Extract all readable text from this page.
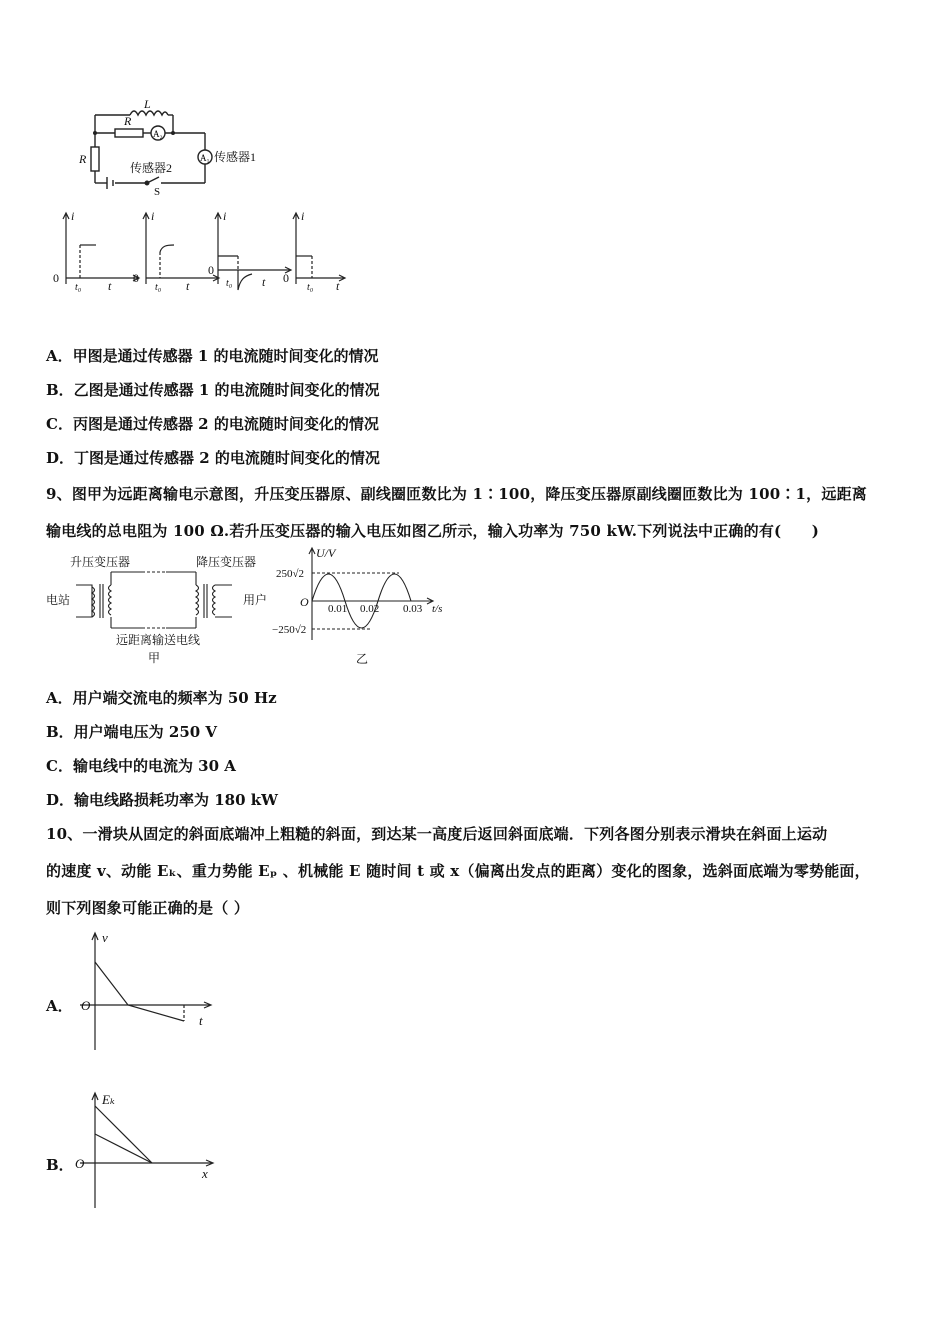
L
R
R
A₂
A₁
传感器2
传感器1
S
i
0
t₀ t
i
0
t₀ t
i
0
t₀ t
i
0
t₀ t
A．甲图是通过传感器 1 的电流随时间变化的情况
B．乙图是通过传感器 1 的电流随时间变化的情况
C．丙图是通过传感器 2 的电流随时间变化的情况
D．丁图是通过传感器 2 的电流随时间变化的情况
9、图甲为远距离输电示意图，升压变压器原、副线圈匝数比为 1∶100，降压变压器原副线圈匝数比为 100∶1，远距离
输电线的总电阻为 100 Ω.若升压变压器的输入电压如图乙所示，输入功率为 750 kW.下列说法中正确的有(　　)
升压变压器	降压变压器
电站	用户
远距离输送电线
甲
U/V
250√2
O
−250√2
0.01 0.02 0.03 t/s
乙
A．用户端交流电的频率为 50 Hz
B．用户端电压为 250 V
C．输电线中的电流为 30 A
D．输电线路损耗功率为 180 kW
10、一滑块从固定的斜面底端冲上粗糙的斜面，到达某一高度后返回斜面底端．下列各图分别表示滑块在斜面上运动
的速度 v、动能 Eₖ、重力势能 Eₚ 、机械能 E 随时间 t 或 x（偏离出发点的距离）变化的图象，选斜面底端为零势能面，
则下列图象可能正确的是（ ）
A．
v
O
t
B．
Eₖ
O
x
